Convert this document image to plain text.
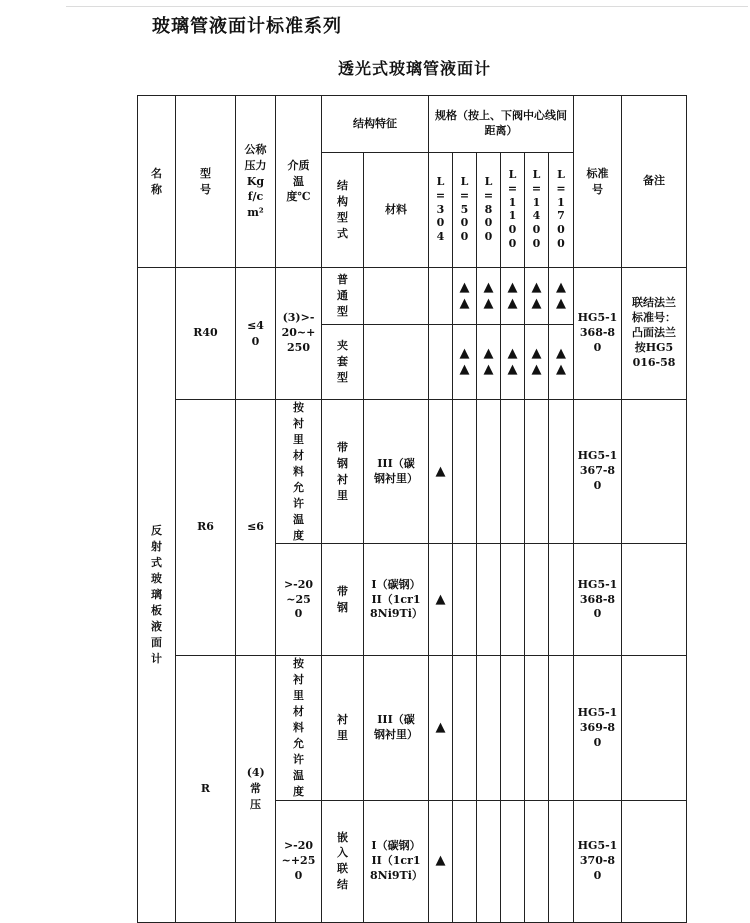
玻璃管液面计标准系列
透光式玻璃管液面计
名称	型号	公称压力Kgf/cm²	介质温度℃	结构特征		规格（按上、下阀中心线间距离）						标准号	备注
				结构型式	材料	L=304	L=500	L=800	L=1100	L=1400	L=1700		
反射式玻璃板液面计	R40	≤40	(3)>-20~+250	普通型			▲▲	▲▲	▲▲	▲▲	▲▲	HG5-1368-80	联结法兰标准号：凸面法兰按HG5016-58
				夹套型			▲▲	▲▲	▲▲	▲▲	▲▲		
	R6	≤6	按衬里材料允许温度	带钢衬里	III（碳钢衬里）	▲						HG5-1367-80	
			>-20~250	带钢	I（碳钢）II（1cr18Ni9Ti）	▲						HG5-1368-80	
	R	(4)常压	按衬里材料允许温度	衬里	III（碳钢衬里）	▲						HG5-1369-80	
			>-20~+250	嵌入联结	I（碳钢）II（1cr18Ni9Ti）	▲						HG5-1370-80	
